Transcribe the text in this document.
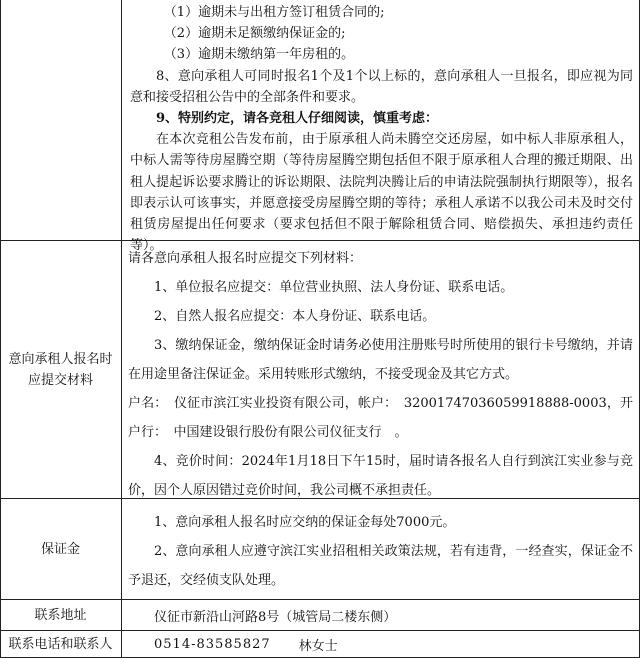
（1）逾期未与出租方签订租赁合同的;

（2）逾期未足额缴纳保证金的;

（3）逾期未缴纳第一年房租的。

8、意向承租人可同时报名1个及1个以上标的，意向承租人一旦报名，即应视为同意和接受招租公告中的全部条件和要求。

9、特别约定，请各竞租人仔细阅读，慎重考虑：

在本次竞租公告发布前，由于原承租人尚未腾空交还房屋，如中标人非原承租人，中标人需等待房屋腾空期（等待房屋腾空期包括但不限于原承租人合理的搬迁期限、出租人提起诉讼要求腾让的诉讼期限、法院判决腾让后的申请法院强制执行期限等），报名即表示认可该事实，并愿意接受房屋腾空期的等待；承租人承诺不以我公司未及时交付租赁房屋提出任何要求（要求包括但不限于解除租赁合同、赔偿损失、承担违约责任等）。

意向承租人报名时应提交材料

请各意向承租人报名时应提交下列材料：

1、单位报名应提交：单位营业执照、法人身份证、联系电话。

2、自然人报名应提交：本人身份证、联系电话。

3、缴纳保证金，缴纳保证金时请务必使用注册账号时所使用的银行卡号缴纳，并请在用途里备注保证金。采用转账形式缴纳，不接受现金及其它方式。

户名：　仪征市滨江实业投资有限公司，帐户：　32001747036059918888-0003，开户行：　中国建设银行股份有限公司仪征支行　。

4、竞价时间：2024年1月18日下午15时，届时请各报名人自行到滨江实业参与竞价，因个人原因错过竞价时间，我公司概不承担责任。

保证金

1、意向承租人报名时应交纳的保证金每处7000元。

2、意向承租人应遵守滨江实业招租相关政策法规，若有违背，一经查实，保证金不予退还，交经侦支队处理。

联系地址	仪征市新沿山河路8号（城管局二楼东侧）
联系电话和联系人	0514-83585827 林女士
